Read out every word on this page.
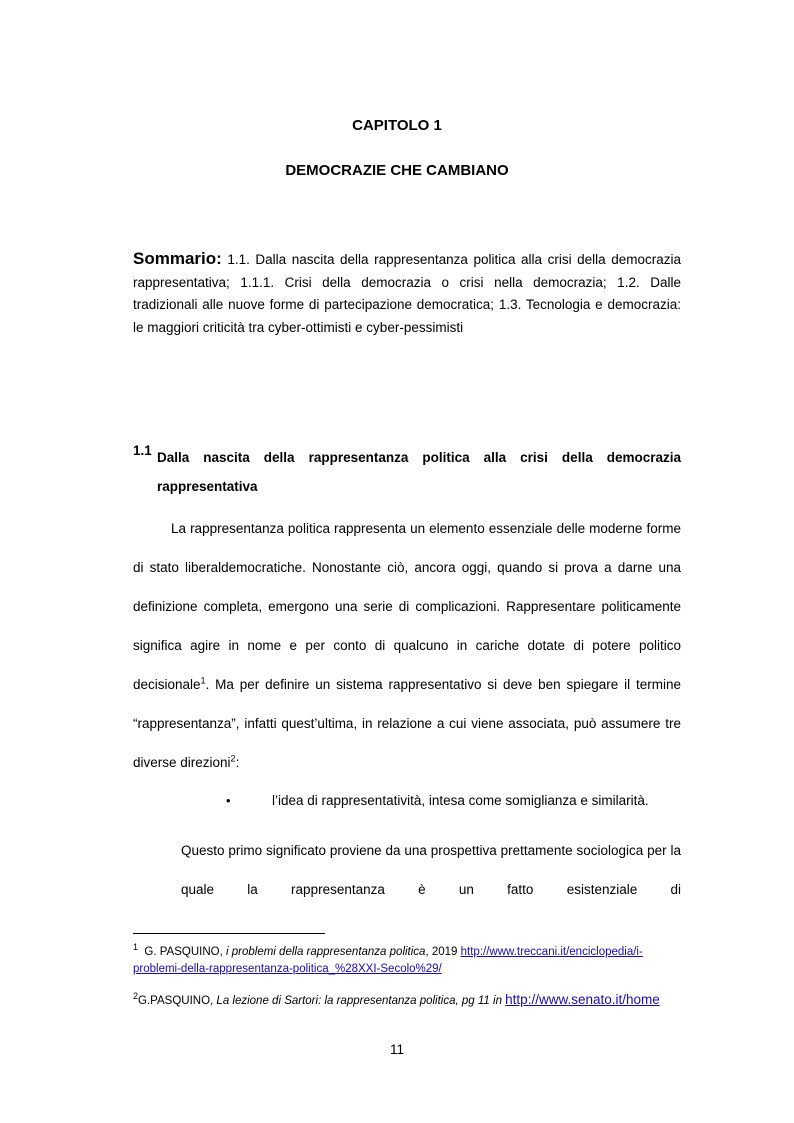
CAPITOLO 1
DEMOCRAZIE CHE CAMBIANO
Sommario: 1.1. Dalla nascita della rappresentanza politica alla crisi della democrazia rappresentativa; 1.1.1. Crisi della democrazia o crisi nella democrazia; 1.2. Dalle tradizionali alle nuove forme di partecipazione democratica; 1.3. Tecnologia e democrazia: le maggiori criticità tra cyber-ottimisti e cyber-pessimisti
1.1 Dalla nascita della rappresentanza politica alla crisi della democrazia rappresentativa
La rappresentanza politica rappresenta un elemento essenziale delle moderne forme di stato liberaldemocratiche. Nonostante ciò, ancora oggi, quando si prova a darne una definizione completa, emergono una serie di complicazioni. Rappresentare politicamente significa agire in nome e per conto di qualcuno in cariche dotate di potere politico decisionale$^1$. Ma per definire un sistema rappresentativo si deve ben spiegare il termine “rappresentanza”, infatti quest’ultima, in relazione a cui viene associata, può assumere tre diverse direzioni$^2$:
•	l’idea di rappresentatività, intesa come somiglianza e similarità.
Questo primo significato proviene da una prospettiva prettamente sociologica per la quale la rappresentanza è un fatto esistenziale di
$^1$ G. PASQUINO, i problemi della rappresentanza politica, 2019 http://www.treccani.it/enciclopedia/i-problemi-della-rappresentanza-politica_%28XXI-Secolo%29/
$^2$G.PASQUINO, La lezione di Sartori: la rappresentanza politica, pg 11 in http://www.senato.it/home
11
